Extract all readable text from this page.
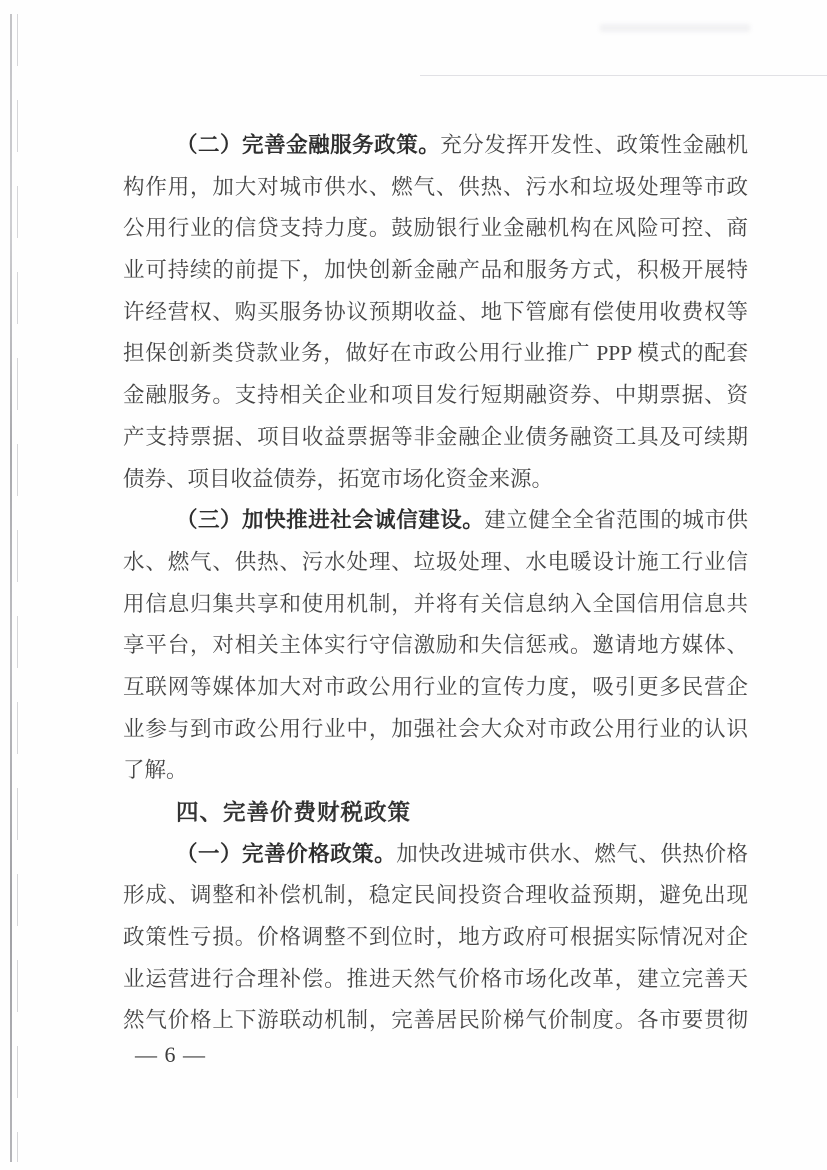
（二）完善金融服务政策。充分发挥开发性、政策性金融机
构作用，加大对城市供水、燃气、供热、污水和垃圾处理等市政
公用行业的信贷支持力度。鼓励银行业金融机构在风险可控、商
业可持续的前提下，加快创新金融产品和服务方式，积极开展特
许经营权、购买服务协议预期收益、地下管廊有偿使用收费权等
担保创新类贷款业务，做好在市政公用行业推广 PPP 模式的配套
金融服务。支持相关企业和项目发行短期融资券、中期票据、资
产支持票据、项目收益票据等非金融企业债务融资工具及可续期
债券、项目收益债券，拓宽市场化资金来源。
（三）加快推进社会诚信建设。建立健全全省范围的城市供
水、燃气、供热、污水处理、垃圾处理、水电暖设计施工行业信
用信息归集共享和使用机制，并将有关信息纳入全国信用信息共
享平台，对相关主体实行守信激励和失信惩戒。邀请地方媒体、
互联网等媒体加大对市政公用行业的宣传力度，吸引更多民营企
业参与到市政公用行业中，加强社会大众对市政公用行业的认识
了解。
四、完善价费财税政策
（一）完善价格政策。加快改进城市供水、燃气、供热价格
形成、调整和补偿机制，稳定民间投资合理收益预期，避免出现
政策性亏损。价格调整不到位时，地方政府可根据实际情况对企
业运营进行合理补偿。推进天然气价格市场化改革，建立完善天
然气价格上下游联动机制，完善居民阶梯气价制度。各市要贯彻
— 6 —
